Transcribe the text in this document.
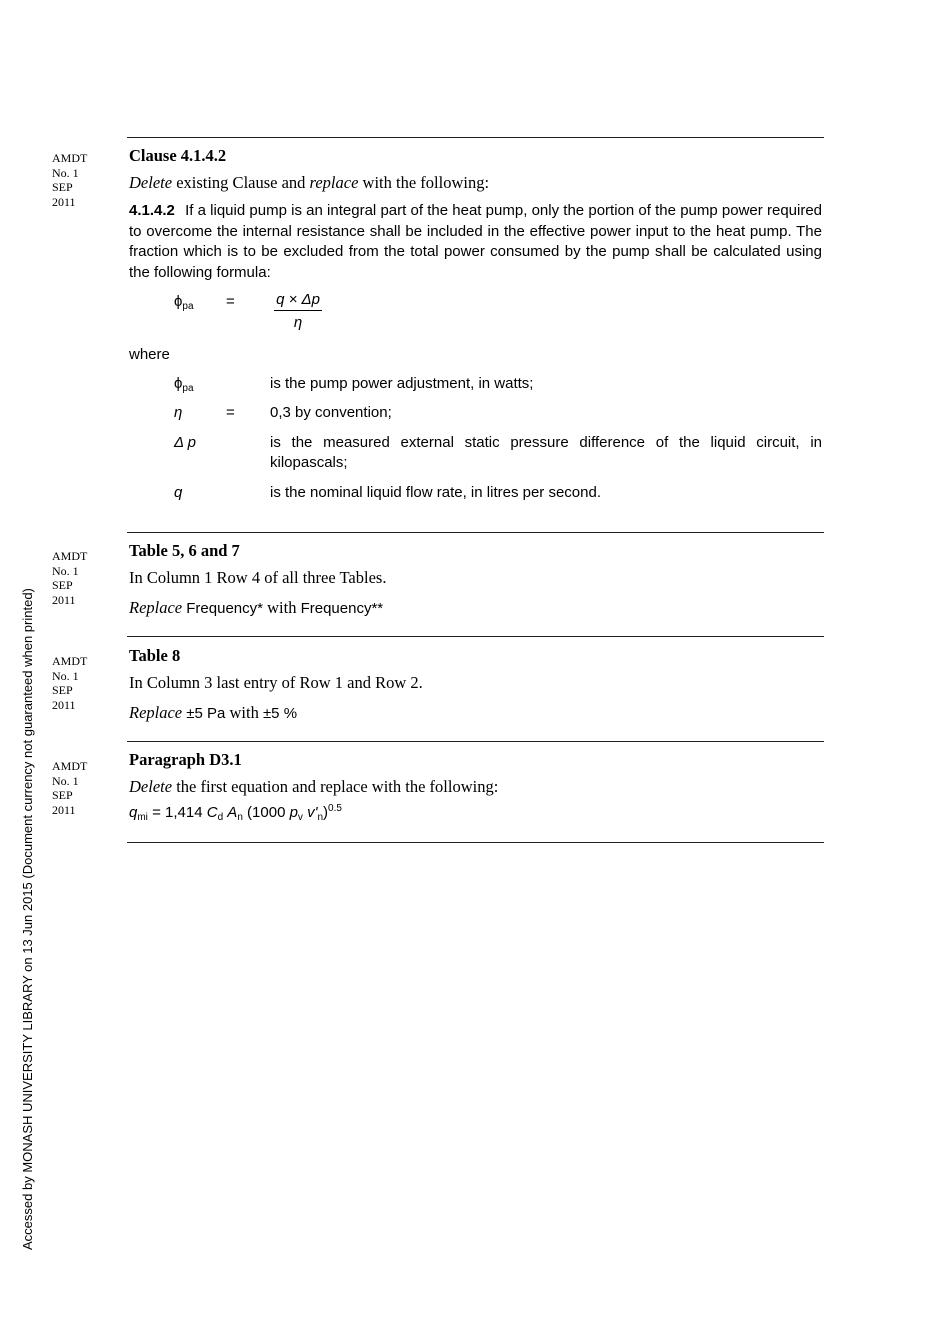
Accessed by MONASH UNIVERSITY LIBRARY on 13 Jun 2015 (Document currency not guaranteed when printed)
AMDT
No. 1
SEP
2011
AMDT
No. 1
SEP
2011
AMDT
No. 1
SEP
2011
AMDT
No. 1
SEP
2011
Clause 4.1.4.2
Delete existing Clause and replace with the following:
4.1.4.2 If a liquid pump is an integral part of the heat pump, only the portion of the pump power required to overcome the internal resistance shall be included in the effective power input to the heat pump. The fraction which is to be excluded from the total power consumed by the pump shall be calculated using the following formula:
$\phi_{pa}$ =	q × Δp
η
where
$\phi_{pa}$	is the pump power adjustment, in watts;
η	= 0,3 by convention;
Δ p	is the measured external static pressure difference of the liquid circuit, in kilopascals;
q	is the nominal liquid flow rate, in litres per second.
Table 5, 6 and 7
In Column 1 Row 4 of all three Tables.
Replace Frequency* with Frequency**
Table 8
In Column 3 last entry of Row 1 and Row 2.
Replace ±5 Pa with ±5 %
Paragraph D3.1
Delete the first equation and replace with the following:
$q_{mi} = 1,414$ $C_d$ $A_n$ (1000 $p_v$ $v'_n)^{0.5}$
